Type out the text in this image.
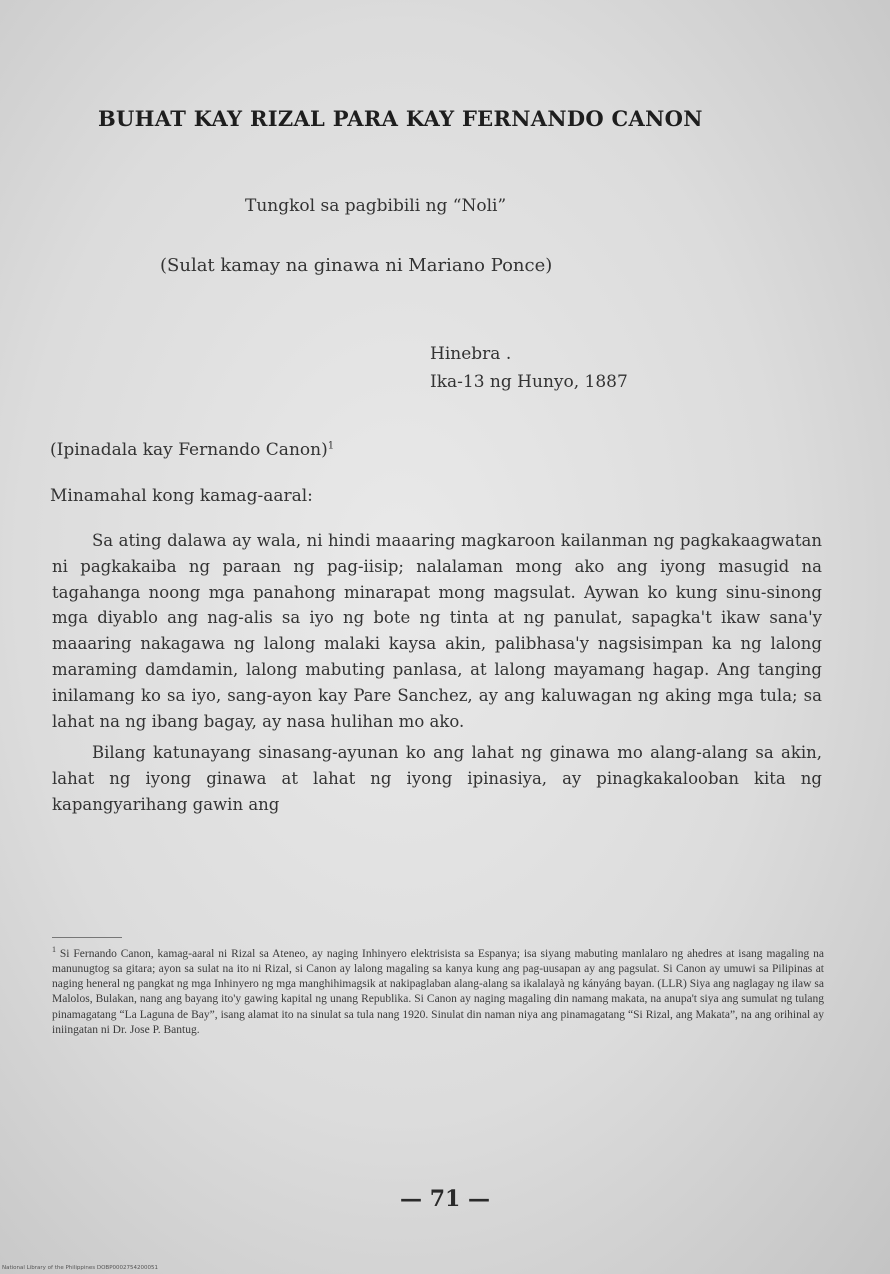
BUHAT KAY RIZAL PARA KAY FERNANDO CANON
Tungkol sa pagbibili ng “Noli”
(Sulat kamay na ginawa ni Mariano Ponce)
Hinebra .
Ika-13 ng Hunyo, 1887
(Ipinadala kay Fernando Canon)$^1$
Minamahal kong kamag-aaral:

Sa ating dalawa ay wala, ni hindi maaaring magkaroon kailanman ng pagkakaagwatan ni pagkakaiba ng paraan ng pag-iisip; nalalaman mong ako ang iyong masugid na tagahanga noong mga panahong minarapat mong magsulat. Aywan ko kung sinu-sinong mga diyablo ang nag-alis sa iyo ng bote ng tinta at ng panulat, sapagka't ikaw sana'y maaaring nakagawa ng lalong malaki kaysa akin, palibhasa'y nagsisimpan ka ng lalong maraming damdamin, lalong mabuting panlasa, at lalong mayamang hagap. Ang tanging inilamang ko sa iyo, sang-ayon kay Pare Sanchez, ay ang kaluwagan ng aking mga tula; sa lahat na ng ibang bagay, ay nasa hulihan mo ako.

Bilang katunayang sinasang-ayunan ko ang lahat ng ginawa mo alang-alang sa akin, lahat ng iyong ginawa at lahat ng iyong ipinasiya, ay pinagkakalooban kita ng kapangyarihang gawin ang

$^1$ Si Fernando Canon, kamag-aaral ni Rizal sa Ateneo, ay naging Inhinyero elektrisista sa Espanya; isa siyang mabuting manlalaro ng ahedres at isang magaling na manunugtog sa gitara; ayon sa sulat na ito ni Rizal, si Canon ay lalong magaling sa kanya kung ang pag-uusapan ay ang pagsulat. Si Canon ay umuwi sa Pilipinas at naging heneral ng pangkat ng mga Inhinyero ng mga manghihimagsik at nakipaglaban alang-alang sa ikalalayà ng kányáng bayan. (LLR) Siya ang naglagay ng ilaw sa Malolos, Bulakan, nang ang bayang ito'y gawing kapital ng unang Republika. Si Canon ay naging magaling din namang makata, na anupa't siya ang sumulat ng tulang pinamagatang “La Laguna de Bay”, isang alamat ito na sinulat sa tula nang 1920. Sinulat din naman niya ang pinamagatang “Si Rizal, ang Makata”, na ang orihinal ay iniingatan ni Dr. Jose P. Bantug.
— 71 —
National Library of the Philippines DOBP0002754200051
